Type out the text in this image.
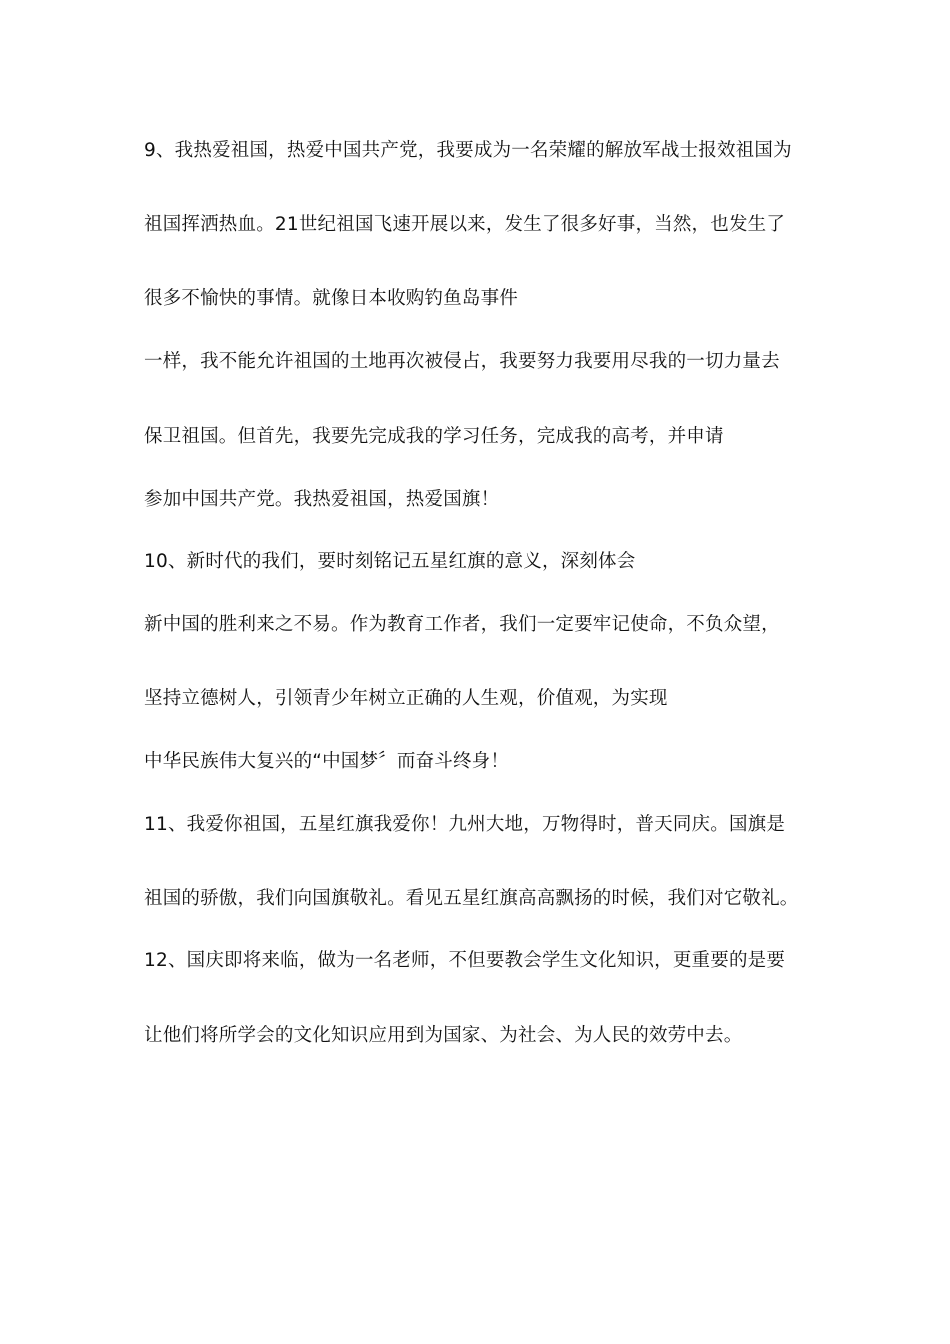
9、我热爱祖国，热爱中国共产党，我要成为一名荣耀的解放军战士报效祖国为
祖国挥洒热血。21世纪祖国飞速开展以来，发生了很多好事，当然，也发生了
很多不愉快的事情。就像日本收购钓鱼岛事件
一样，我不能允许祖国的土地再次被侵占，我要努力我要用尽我的一切力量去
保卫祖国。但首先，我要先完成我的学习任务，完成我的高考，并申请
参加中国共产党。我热爱祖国，热爱国旗！
10、新时代的我们，要时刻铭记五星红旗的意义，深刻体会
新中国的胜利来之不易。作为教育工作者，我们一定要牢记使命，不负众望，
坚持立德树人，引领青少年树立正确的人生观，价值观，为实现
中华民族伟大复兴的“中国梦〞而奋斗终身！
11、我爱你祖国，五星红旗我爱你！九州大地，万物得时，普天同庆。国旗是
祖国的骄傲，我们向国旗敬礼。看见五星红旗高高飘扬的时候，我们对它敬礼。
12、国庆即将来临，做为一名老师，不但要教会学生文化知识，更重要的是要
让他们将所学会的文化知识应用到为国家、为社会、为人民的效劳中去。
